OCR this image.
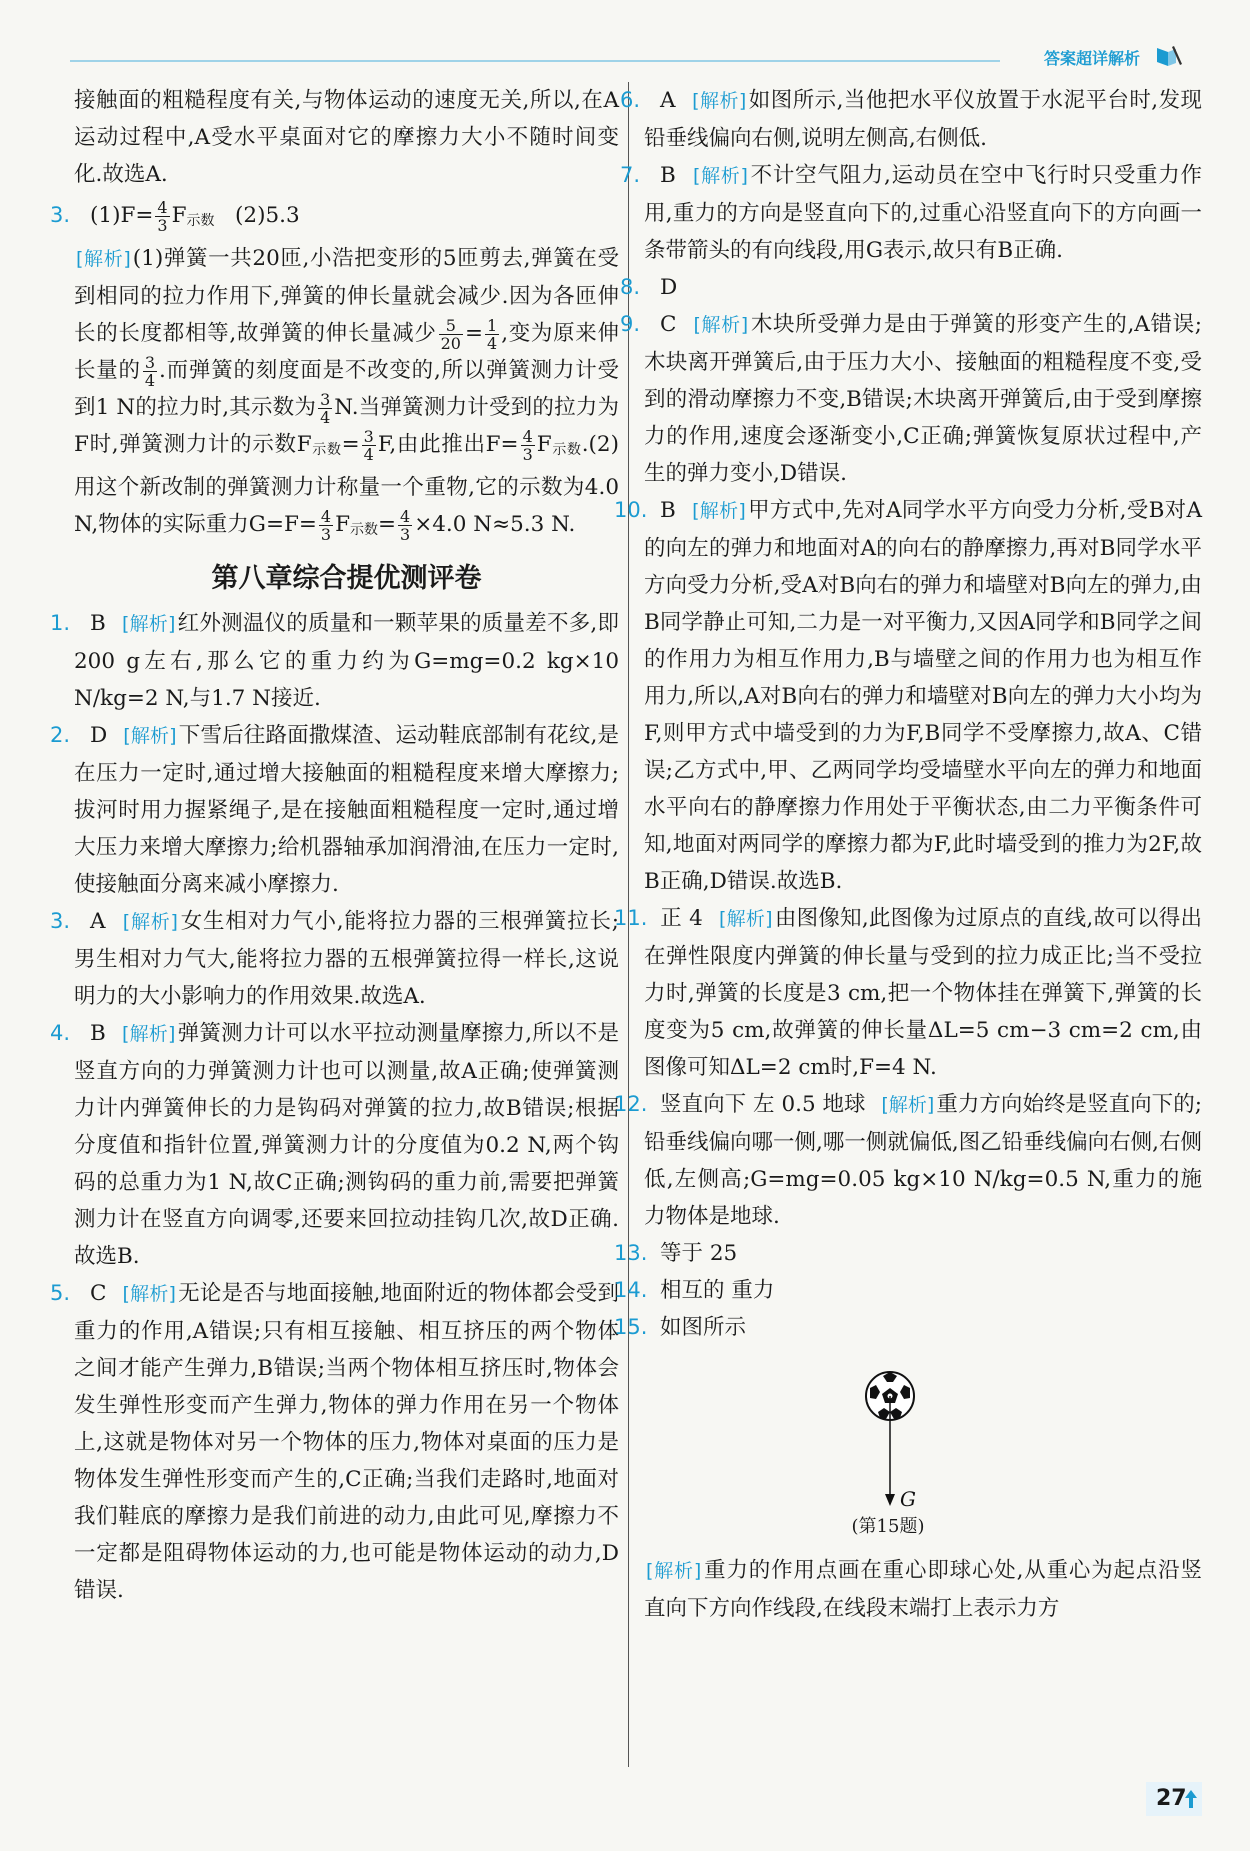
答案超详解析

接触面的粗糙程度有关,与物体运动的速度无关,所以,在A运动过程中,A受水平桌面对它的摩擦力大小不随时间变化.故选A.

3. $(1)F= \frac{4}{3} F_{示数}$ (2)5.3

[解析](1)弹簧一共20匝,小浩把变形的5匝剪去,弹簧在受到相同的拉力作用下,弹簧的伸长量就会减少.因为各匝伸长的长度都相等,故弹簧的伸长量减少 $\frac{5}{20} = \frac{1}{4}$ ,变为原来伸长量的 $\frac{3}{4}$ .而弹簧的刻度面是不改变的,所以弹簧测力计受到1 N的拉力时,其示数为 $\frac{3}{4} N$.当弹簧测力计受到的拉力为F时,弹簧测力计的示数$F_{示数}= \frac{3}{4} F$,由此推出$F= \frac{4}{3} F_{示数}.(2)$用这个新改制的弹簧测力计称量一个重物,它的示数为4.0 N,物体的实际重力$G=F= \frac{4}{3} F_{示数}= \frac{4}{3} \times 4.0$ N≈5.3 N.

第八章综合提优测评卷

1. B [解析]红外测温仪的质量和一颗苹果的质量差不多,即200 g左右,那么它的重力约为G=mg=0.2 kg×10 N/kg=2 N,与1.7 N接近.

2. D [解析]下雪后往路面撒煤渣、运动鞋底部制有花纹,是在压力一定时,通过增大接触面的粗糙程度来增大摩擦力;拔河时用力握紧绳子,是在接触面粗糙程度一定时,通过增大压力来增大摩擦力;给机器轴承加润滑油,在压力一定时,使接触面分离来减小摩擦力.

3. A [解析]女生相对力气小,能将拉力器的三根弹簧拉长;男生相对力气大,能将拉力器的五根弹簧拉得一样长,这说明力的大小影响力的作用效果.故选A.

4. B [解析]弹簧测力计可以水平拉动测量摩擦力,所以不是竖直方向的力弹簧测力计也可以测量,故A正确;使弹簧测力计内弹簧伸长的力是钩码对弹簧的拉力,故B错误;根据分度值和指针位置,弹簧测力计的分度值为0.2 N,两个钩码的总重力为1 N,故C正确;测钩码的重力前,需要把弹簧测力计在竖直方向调零,还要来回拉动挂钩几次,故D正确.故选B.

5. C [解析]无论是否与地面接触,地面附近的物体都会受到重力的作用,A错误;只有相互接触、相互挤压的两个物体之间才能产生弹力,B错误;当两个物体相互挤压时,物体会发生弹性形变而产生弹力,物体的弹力作用在另一个物体上,这就是物体对另一个物体的压力,物体对桌面的压力是物体发生弹性形变而产生的,C正确;当我们走路时,地面对我们鞋底的摩擦力是我们前进的动力,由此可见,摩擦力不一定都是阻碍物体运动的力,也可能是物体运动的动力,D错误.

6. A [解析]如图所示,当他把水平仪放置于水泥平台时,发现铅垂线偏向右侧,说明左侧高,右侧低.

7. B [解析]不计空气阻力,运动员在空中飞行时只受重力作用,重力的方向是竖直向下的,过重心沿竖直向下的方向画一条带箭头的有向线段,用G表示,故只有B正确.

8. D

9. C [解析]木块所受弹力是由于弹簧的形变产生的,A错误;木块离开弹簧后,由于压力大小、接触面的粗糙程度不变,受到的滑动摩擦力不变,B错误;木块离开弹簧后,由于受到摩擦力的作用,速度会逐渐变小,C正确;弹簧恢复原状过程中,产生的弹力变小,D错误.

10. B [解析]甲方式中,先对A同学水平方向受力分析,受B对A的向左的弹力和地面对A的向右的静摩擦力,再对B同学水平方向受力分析,受A对B向右的弹力和墙壁对B向左的弹力,由B同学静止可知,二力是一对平衡力,又因A同学和B同学之间的作用力为相互作用力,B与墙壁之间的作用力也为相互作用力,所以,A对B向右的弹力和墙壁对B向左的弹力大小均为F,则甲方式中墙受到的力为F,B同学不受摩擦力,故A、C错误;乙方式中,甲、乙两同学均受墙壁水平向左的弹力和地面水平向右的静摩擦力作用处于平衡状态,由二力平衡条件可知,地面对两同学的摩擦力都为F,此时墙受到的推力为2F,故B正确,D错误.故选B.

11. 正 4 [解析]由图像知,此图像为过原点的直线,故可以得出在弹性限度内弹簧的伸长量与受到的拉力成正比;当不受拉力时,弹簧的长度是3 cm,把一个物体挂在弹簧下,弹簧的长度变为5 cm,故弹簧的伸长量ΔL=5 cm−3 cm=2 cm,由图像可知ΔL=2 cm时,F=4 N.

12. 竖直向下 左 0.5 地球 [解析]重力方向始终是竖直向下的;铅垂线偏向哪一侧,哪一侧就偏低,图乙铅垂线偏向右侧,右侧低,左侧高;G=mg=0.05 kg×10 N/kg=0.5 N,重力的施力物体是地球.

13. 等于 25

14. 相互的 重力

15. 如图所示

G
(第15题)

[解析]重力的作用点画在重心即球心处,从重心为起点沿竖直向下方向作线段,在线段末端打上表示力方

27
